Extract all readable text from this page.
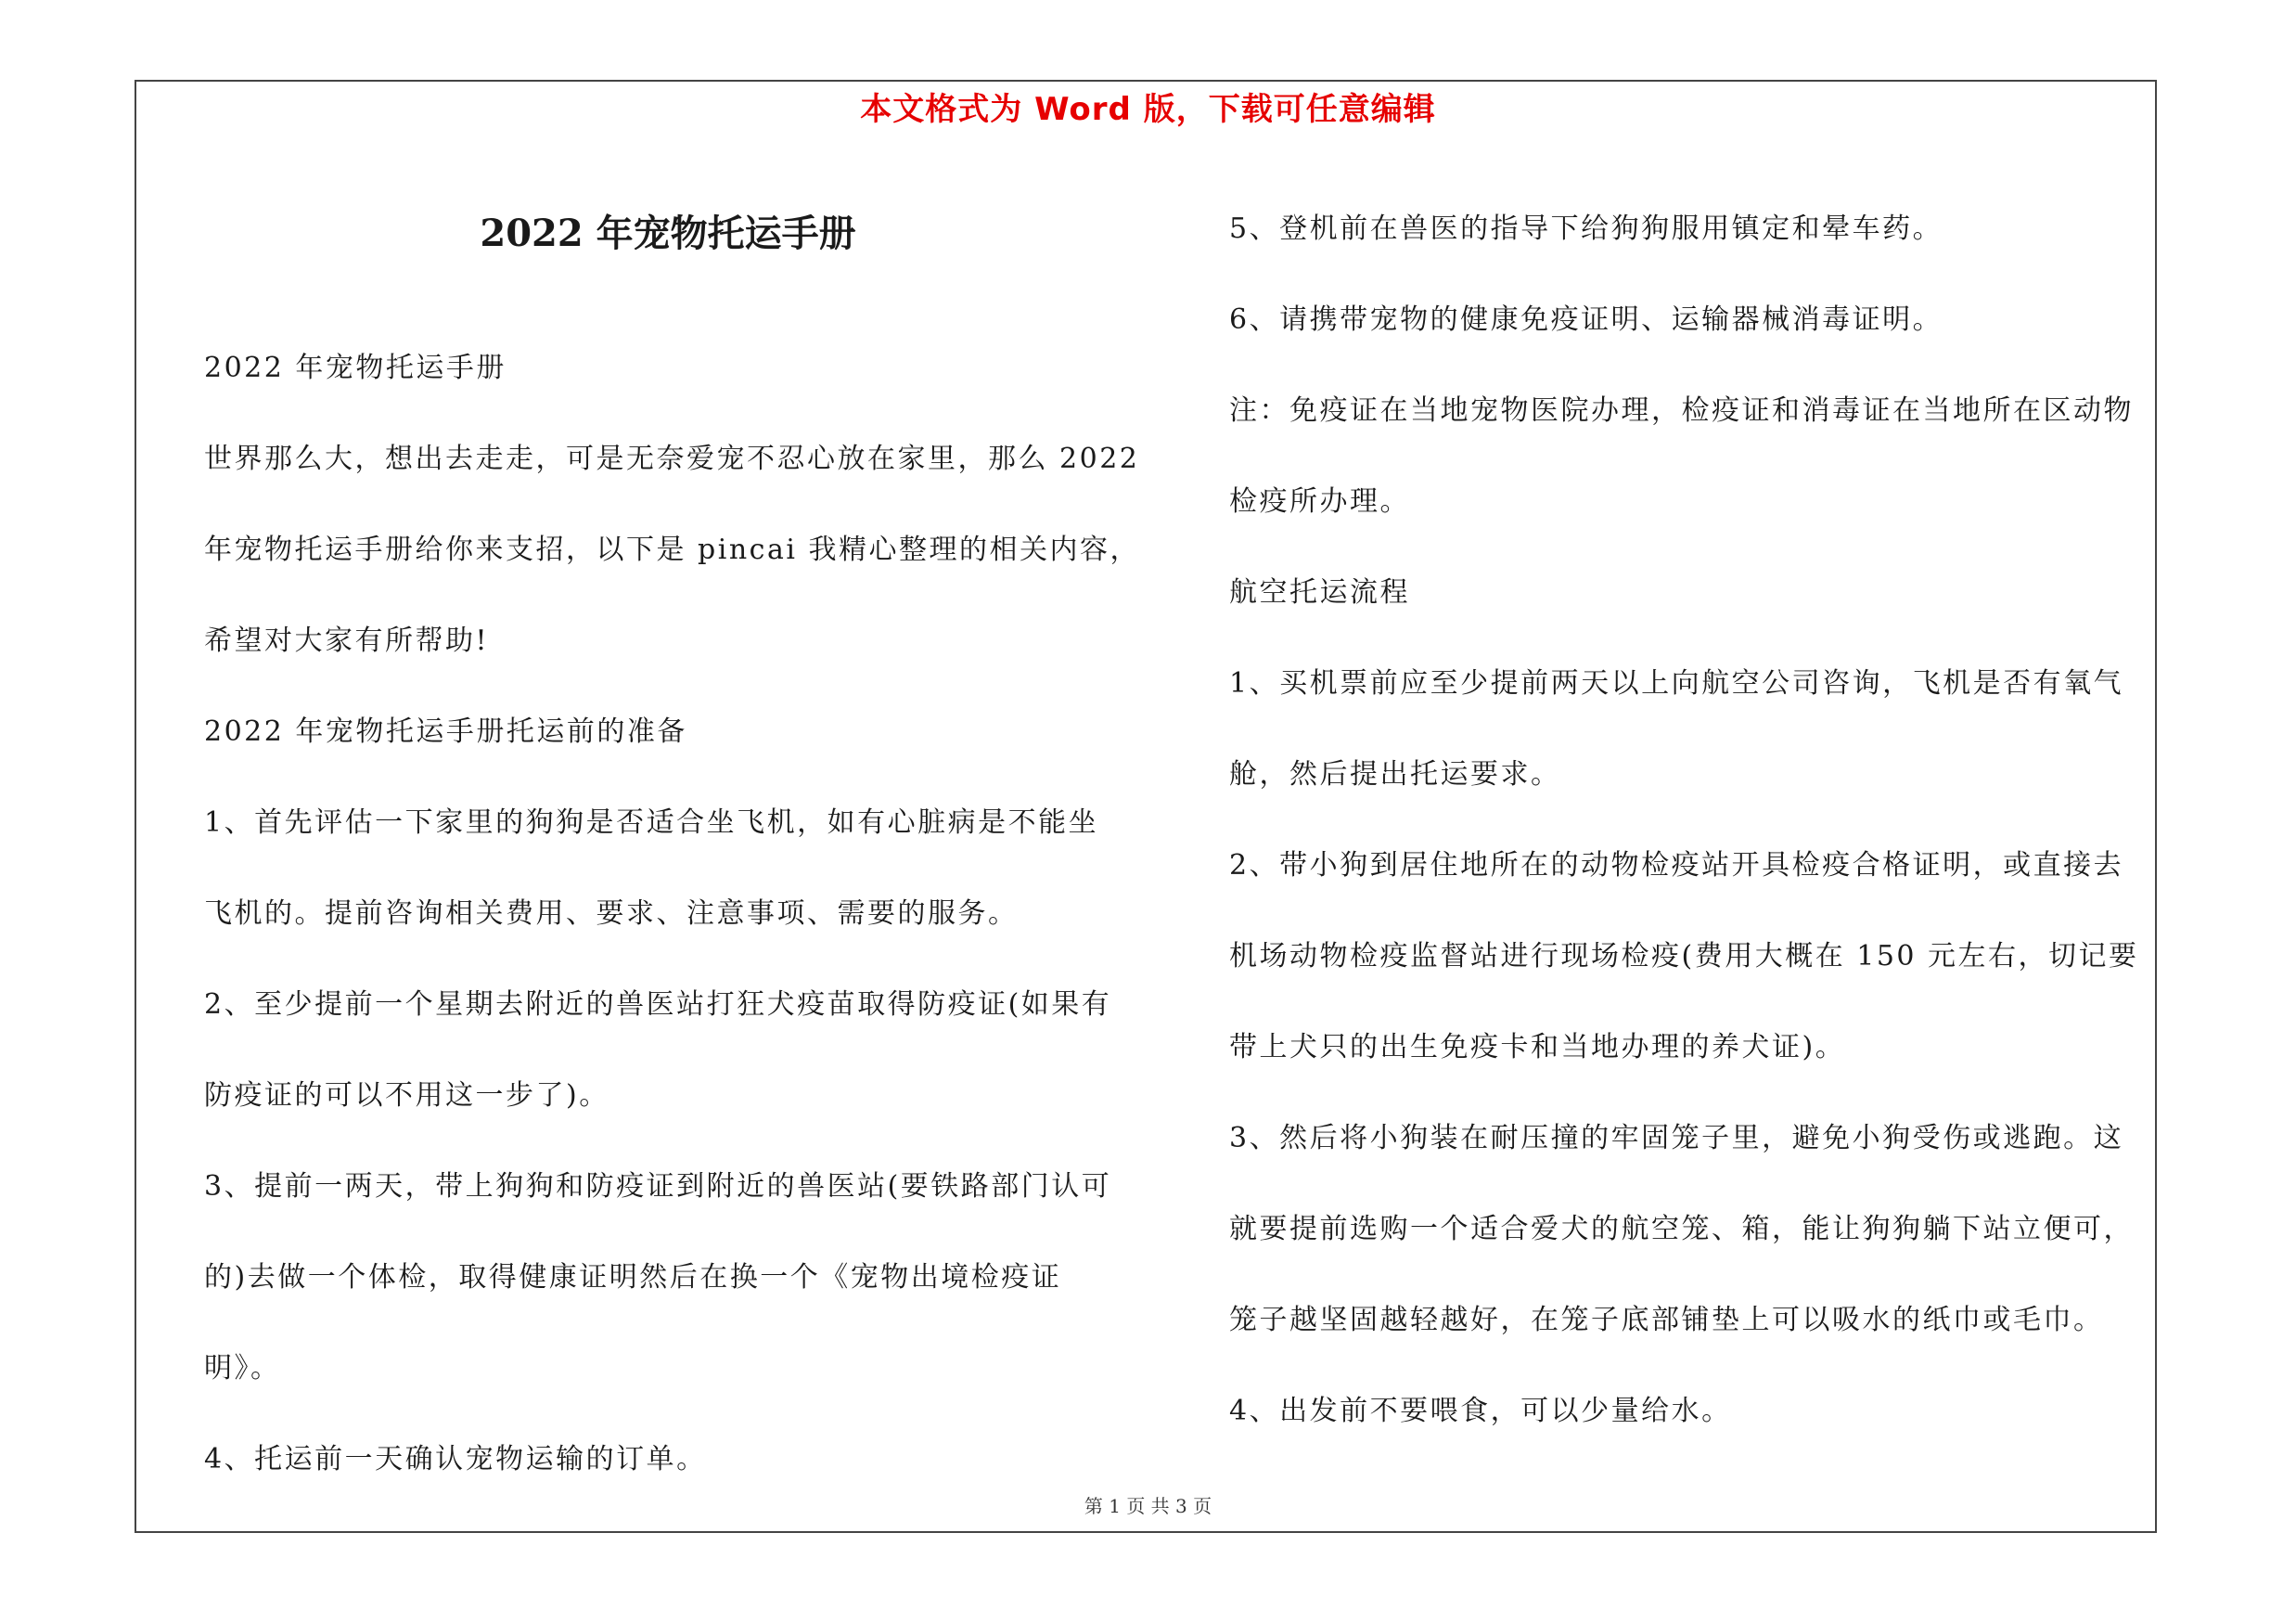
本文格式为 Word 版，下载可任意编辑
2022 年宠物托运手册

2022 年宠物托运手册

世界那么大，想出去走走，可是无奈爱宠不忍心放在家里，那么 2022

年宠物托运手册给你来支招，以下是 pincai 我精心整理的相关内容，

希望对大家有所帮助!

2022 年宠物托运手册托运前的准备

1、首先评估一下家里的狗狗是否适合坐飞机，如有心脏病是不能坐

飞机的。提前咨询相关费用、要求、注意事项、需要的服务。

2、至少提前一个星期去附近的兽医站打狂犬疫苗取得防疫证(如果有

防疫证的可以不用这一步了)。

3、提前一两天，带上狗狗和防疫证到附近的兽医站(要铁路部门认可

的)去做一个体检，取得健康证明然后在换一个《宠物出境检疫证

明》。

4、托运前一天确认宠物运输的订单。

5、登机前在兽医的指导下给狗狗服用镇定和晕车药。

6、请携带宠物的健康免疫证明、运输器械消毒证明。

注：免疫证在当地宠物医院办理，检疫证和消毒证在当地所在区动物

检疫所办理。

航空托运流程

1、买机票前应至少提前两天以上向航空公司咨询，飞机是否有氧气

舱，然后提出托运要求。

2、带小狗到居住地所在的动物检疫站开具检疫合格证明，或直接去

机场动物检疫监督站进行现场检疫(费用大概在 150 元左右，切记要

带上犬只的出生免疫卡和当地办理的养犬证)。

3、然后将小狗装在耐压撞的牢固笼子里，避免小狗受伤或逃跑。这

就要提前选购一个适合爱犬的航空笼、箱，能让狗狗躺下站立便可，

笼子越坚固越轻越好，在笼子底部铺垫上可以吸水的纸巾或毛巾。

4、出发前不要喂食，可以少量给水。

第 1 页 共 3 页
